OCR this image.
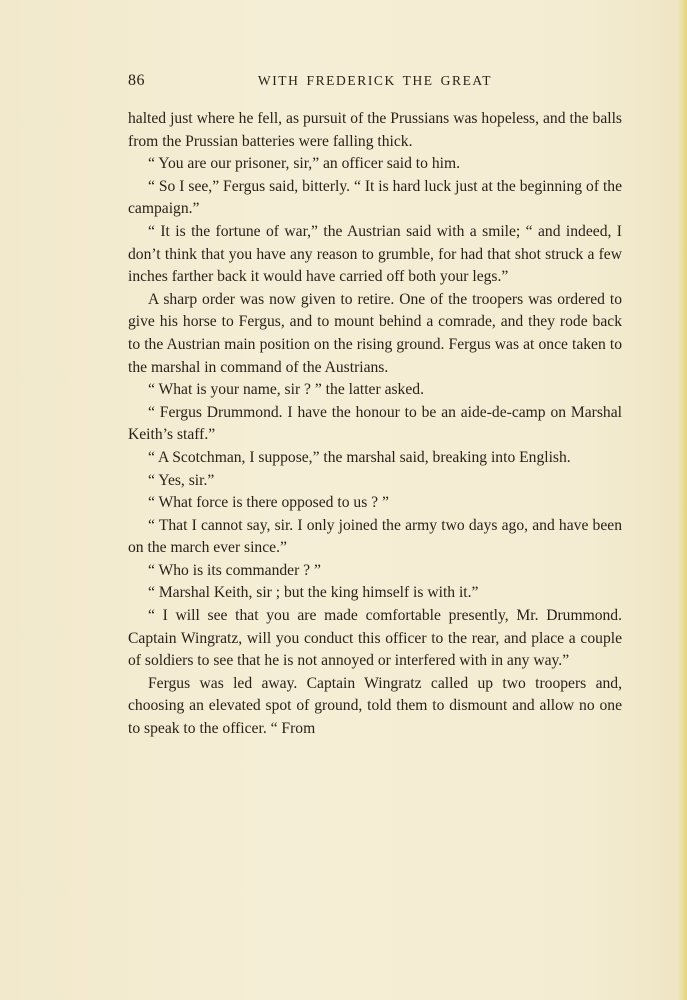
86	WITH FREDERICK THE GREAT

halted just where he fell, as pursuit of the Prussians was hopeless, and the balls from the Prussian batteries were falling thick.

“ You are our prisoner, sir,” an officer said to him.

“ So I see,” Fergus said, bitterly. “ It is hard luck just at the beginning of the campaign.”

“ It is the fortune of war,” the Austrian said with a smile; “ and indeed, I don’t think that you have any reason to grumble, for had that shot struck a few inches farther back it would have carried off both your legs.”

A sharp order was now given to retire. One of the troopers was ordered to give his horse to Fergus, and to mount behind a comrade, and they rode back to the Austrian main position on the rising ground. Fergus was at once taken to the marshal in command of the Austrians.

“ What is your name, sir ? ” the latter asked.

“ Fergus Drummond. I have the honour to be an aide-de-camp on Marshal Keith’s staff.”

“ A Scotchman, I suppose,” the marshal said, breaking into English.

“ Yes, sir.”

“ What force is there opposed to us ? ”

“ That I cannot say, sir. I only joined the army two days ago, and have been on the march ever since.”

“ Who is its commander ? ”

“ Marshal Keith, sir ; but the king himself is with it.”

“ I will see that you are made comfortable presently, Mr. Drummond. Captain Wingratz, will you conduct this officer to the rear, and place a couple of soldiers to see that he is not annoyed or interfered with in any way.”

Fergus was led away. Captain Wingratz called up two troopers and, choosing an elevated spot of ground, told them to dismount and allow no one to speak to the officer. “ From
